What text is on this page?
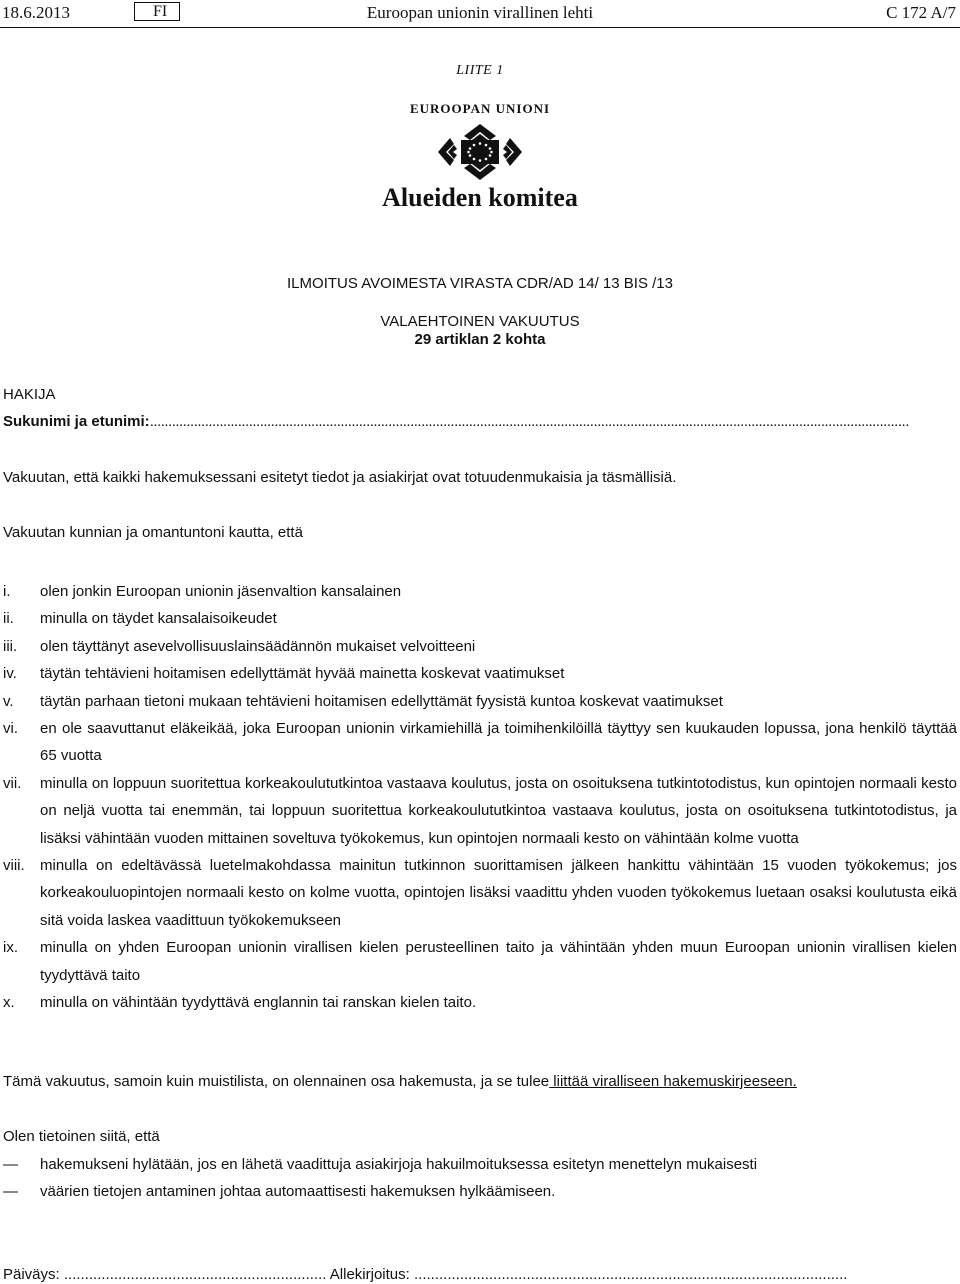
18.6.2013	FI	Euroopan unionin virallinen lehti	C 172 A/7
LIITE 1
EUROOPAN UNIONI
Alueiden komitea
ILMOITUS AVOIMESTA VIRASTA CDR/AD 14/ 13 BIS /13
VALAEHTOINEN VAKUUTUS
29 artiklan 2 kohta
HAKIJA
Sukunimi ja etunimi:...............................................................................................................................................................................................................
Vakuutan, että kaikki hakemuksessani esitetyt tiedot ja asiakirjat ovat totuudenmukaisia ja täsmällisiä.
Vakuutan kunnian ja omantuntoni kautta, että
i. olen jonkin Euroopan unionin jäsenvaltion kansalainen
ii. minulla on täydet kansalaisoikeudet
iii. olen täyttänyt asevelvollisuuslainsäädännön mukaiset velvoitteeni
iv. täytän tehtävieni hoitamisen edellyttämät hyvää mainetta koskevat vaatimukset
v. täytän parhaan tietoni mukaan tehtävieni hoitamisen edellyttämät fyysistä kuntoa koskevat vaatimukset
vi. en ole saavuttanut eläkeikää, joka Euroopan unionin virkamiehillä ja toimihenkilöillä täyttyy sen kuukauden lopussa, jona henkilö täyttää 65 vuotta
vii. minulla on loppuun suoritettua korkeakoulututkintoa vastaava koulutus, josta on osoituksena tutkintotodistus, kun opintojen normaali kesto on neljä vuotta tai enemmän, tai loppuun suoritettua korkeakoulututkintoa vastaava koulutus, josta on osoituksena tutkintotodistus, ja lisäksi vähintään vuoden mittainen soveltuva työkokemus, kun opintojen normaali kesto on vähintään kolme vuotta
viii. minulla on edeltävässä luetelmakohdassa mainitun tutkinnon suorittamisen jälkeen hankittu vähintään 15 vuoden työkokemus; jos korkeakouluopintojen normaali kesto on kolme vuotta, opintojen lisäksi vaadittu yhden vuoden työkokemus luetaan osaksi koulutusta eikä sitä voida laskea vaadittuun työkokemukseen
ix. minulla on yhden Euroopan unionin virallisen kielen perusteellinen taito ja vähintään yhden muun Euroopan unionin virallisen kielen tyydyttävä taito
x. minulla on vähintään tyydyttävä englannin tai ranskan kielen taito.
Tämä vakuutus, samoin kuin muistilista, on olennainen osa hakemusta, ja se tulee liittää viralliseen hakemuskirjeeseen.
Olen tietoinen siitä, että
— hakemukseni hylätään, jos en lähetä vaadittuja asiakirjoja hakuilmoituksessa esitetyn menettelyn mukaisesti
— väärien tietojen antaminen johtaa automaattisesti hakemuksen hylkäämiseen.
Päiväys: ............................................................... Allekirjoitus: ........................................................................................................
